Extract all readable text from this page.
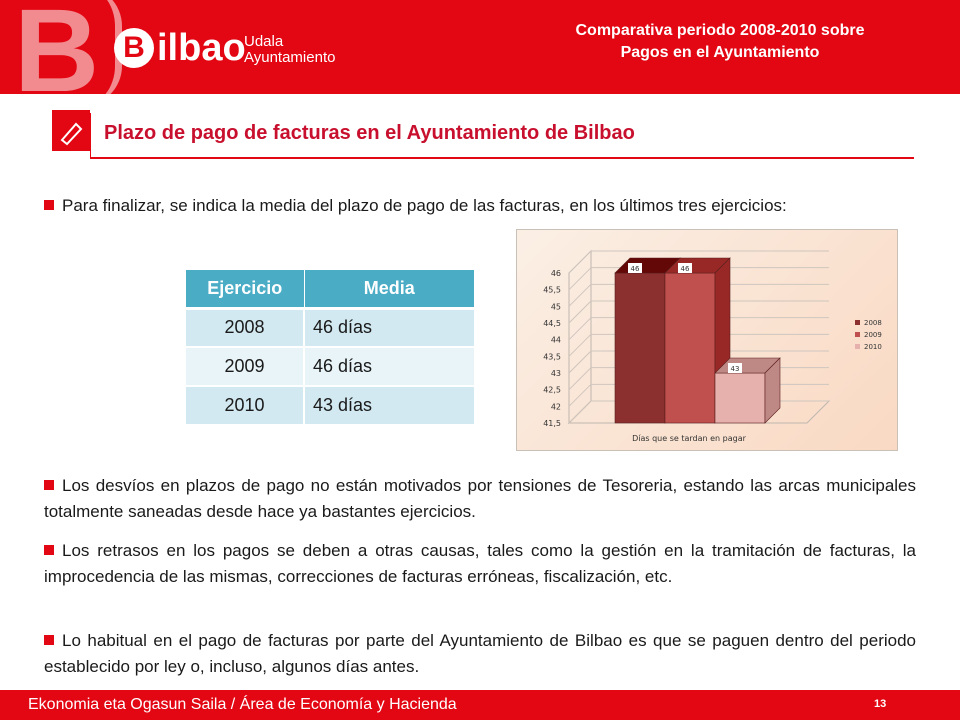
B B ilbao
Udala
Ayuntamiento
Comparativa periodo 2008-2010 sobre
Pagos en el Ayuntamiento
Plazo de pago de facturas en el Ayuntamiento de Bilbao
Para finalizar, se indica la media del plazo de pago de las facturas, en los últimos tres ejercicios:
Ejercicio	Media
2008	46 días
2009	46 días
2010	43 días
41,5
42
42,5
43
43,5
44
44,5
45
45,5
46	46	46
43
Días que se tardan en pagar
2008
2009
2010
Los desvíos en plazos de pago no están motivados por tensiones de Tesoreria, estando las arcas municipales totalmente saneadas desde hace ya bastantes ejercicios.
Los retrasos en los pagos se deben a otras causas, tales como la gestión en la tramitación de facturas, la improcedencia de las mismas, correcciones de facturas erróneas, fiscalización, etc.
Lo habitual en el pago de facturas por parte del Ayuntamiento de Bilbao es que se paguen dentro del periodo establecido por ley o, incluso, algunos días antes.
Ekonomia eta Ogasun Saila / Área de Economía y Hacienda	13
